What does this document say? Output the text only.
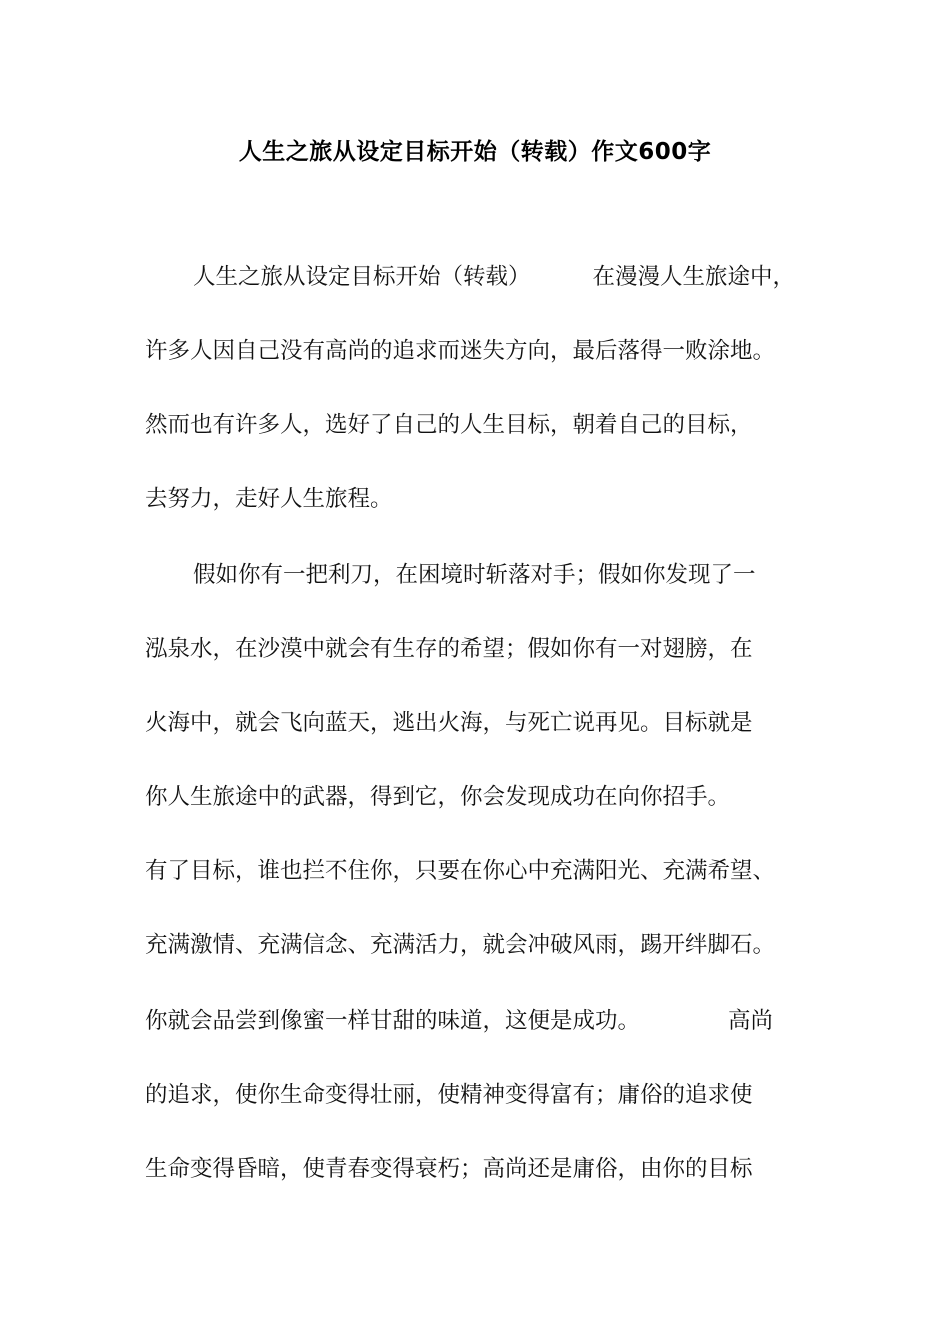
人生之旅从设定目标开始（转载）作文600字
人生之旅从设定目标开始（转载）	在漫漫人生旅途中，
许多人因自己没有高尚的追求而迷失方向，最后落得一败涂地。
然而也有许多人，选好了自己的人生目标，朝着自己的目标，
去努力，走好人生旅程。
假如你有一把利刀，在困境时斩落对手；假如你发现了一
泓泉水，在沙漠中就会有生存的希望；假如你有一对翅膀，在
火海中，就会飞向蓝天，逃出火海，与死亡说再见。目标就是
你人生旅途中的武器，得到它，你会发现成功在向你招手。
有了目标，谁也拦不住你，只要在你心中充满阳光、充满希望、
充满激情、充满信念、充满活力，就会冲破风雨，踢开绊脚石。
你就会品尝到像蜜一样甘甜的味道，这便是成功。	高尚
的追求，使你生命变得壮丽，使精神变得富有；庸俗的追求使
生命变得昏暗，使青春变得衰朽；高尚还是庸俗，由你的目标
